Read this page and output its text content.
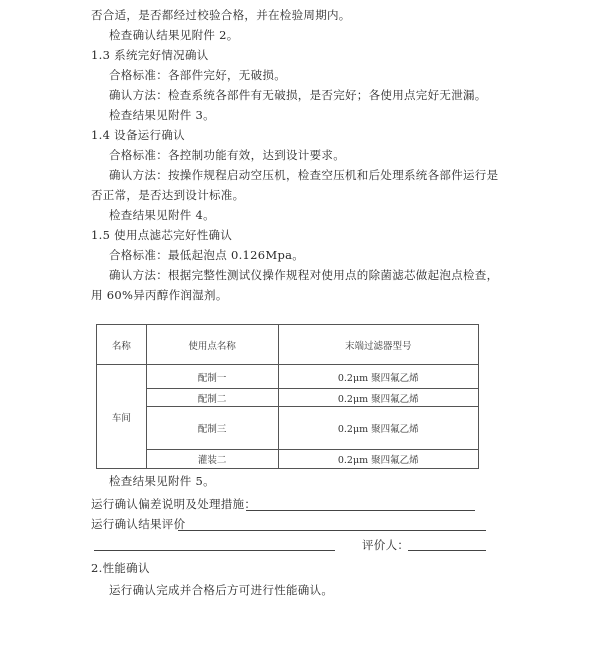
否合适，是否都经过校验合格，并在检验周期内。
检查确认结果见附件 2。
1.3 系统完好情况确认
合格标准：各部件完好，无破损。
确认方法：检查系统各部件有无破损，是否完好；各使用点完好无泄漏。
检查结果见附件 3。
1.4 设备运行确认
合格标准：各控制功能有效，达到设计要求。
确认方法：按操作规程启动空压机，检查空压机和后处理系统各部件运行是
否正常，是否达到设计标准。
检查结果见附件 4。
1.5 使用点滤芯完好性确认
合格标准：最低起泡点 0.126Mpa。
确认方法：根据完整性测试仪操作规程对使用点的除菌滤芯做起泡点检查，
用 60%异丙醇作润湿剂。
名称	使用点名称	末端过滤器型号
车间	配制一	0.2μm 聚四氟乙烯
	配制二	0.2μm 聚四氟乙烯
	配制三	0.2μm 聚四氟乙烯
	灌装二	0.2μm 聚四氟乙烯
检查结果见附件 5。
运行确认偏差说明及处理措施：
运行确认结果评价
评价人：
2.性能确认
运行确认完成并合格后方可进行性能确认。
